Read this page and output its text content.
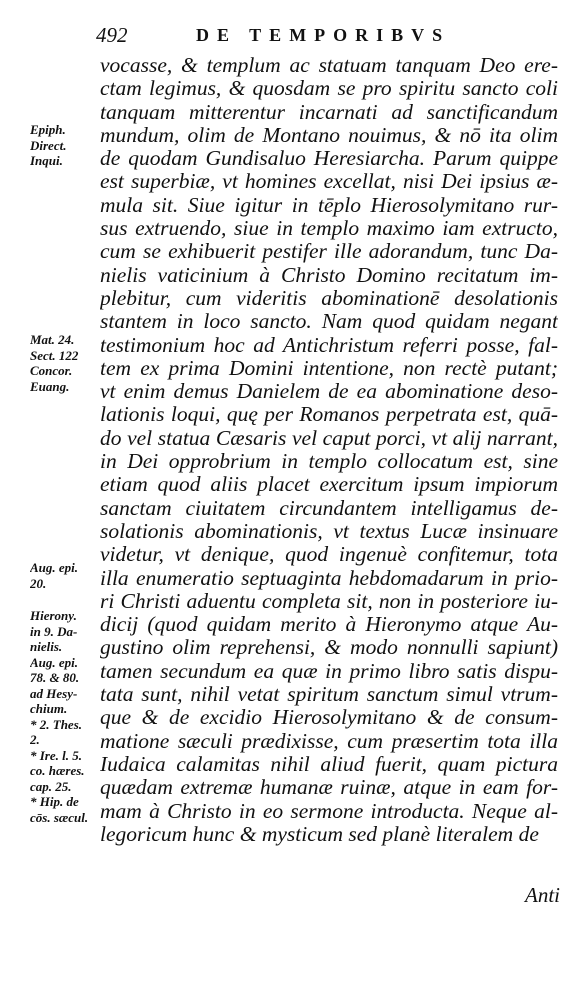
492	DE TEMPORIBVS
Epiph.
Direct.
Inqui.
Mat. 24.
Sect. 122
Concor.
Euang.
Aug. epi.
20.
Hierony.
in 9. Da-
nielis.
Aug. epi.
78. & 80.
ad Hesy-
chium.
* 2. Thes.
2.
* Ire. l. 5.
co. hæres.
cap. 25.
* Hip. de
cōs. sæcul.
vocasse, & templum ac statuam tanquam Deo ere-
ctam legimus, & quosdam se pro spiritu sancto coli
tanquam mitterentur incarnati ad sanctificandum
mundum, olim de Montano nouimus, & nō ita olim
de quodam Gundisaluo Heresiarcha. Parum quippe
est superbiæ, vt homines excellat, nisi Dei ipsius æ-
mula sit. Siue igitur in tēplo Hierosolymitano rur-
sus extruendo, siue in templo maximo iam extructo,
cum se exhibuerit pestifer ille adorandum, tunc Da-
nielis vaticinium à Christo Domino recitatum im-
plebitur, cum videritis abominationē desolationis
stantem in loco sancto. Nam quod quidam negant
testimonium hoc ad Antichristum referri posse, fal-
tem ex prima Domini intentione, non rectè putant;
vt enim demus Danielem de ea abominatione deso-
lationis loqui, quę per Romanos perpetrata est, quā-
do vel statua Cæsaris vel caput porci, vt alij narrant,
in Dei opprobrium in templo collocatum est, sine
etiam quod aliis placet exercitum ipsum impiorum
sanctam ciuitatem circundantem intelligamus de-
solationis abominationis, vt textus Lucæ insinuare
videtur, vt denique, quod ingenuè confitemur, tota
illa enumeratio septuaginta hebdomadarum in prio-
ri Christi aduentu completa sit, non in posteriore iu-
dicij (quod quidam merito à Hieronymo atque Au-
gustino olim reprehensi, & modo nonnulli sapiunt)
tamen secundum ea quæ in primo libro satis dispu-
tata sunt, nihil vetat spiritum sanctum simul vtrum-
que & de excidio Hierosolymitano & de consum-
matione sæculi prædixisse, cum præsertim tota illa
Iudaica calamitas nihil aliud fuerit, quam pictura
quædam extremæ humanæ ruinæ, atque in eam for-
mam à Christo in eo sermone introducta. Neque al-
legoricum hunc & mysticum sed planè literalem de
Anti
